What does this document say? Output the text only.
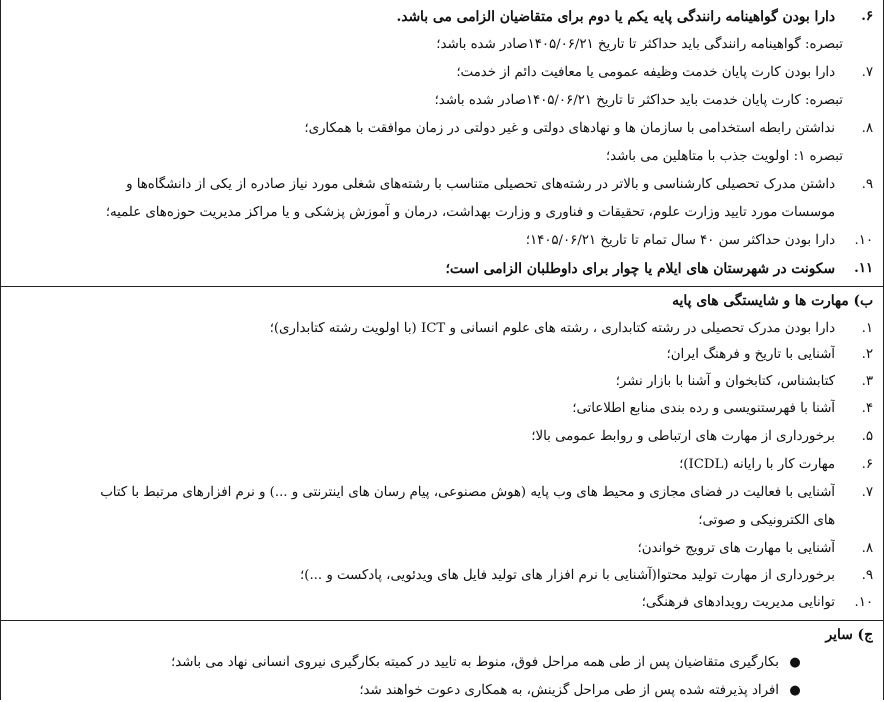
۶.
دارا بودن گواهینامه رانندگی پایه یکم یا دوم برای متقاضیان الزامی می باشد.
تبصره: گواهینامه رانندگی باید حداکثر تا تاریخ ۱۴۰۵/۰۶/۲۱صادر شده باشد؛
۷.
دارا بودن کارت پایان خدمت وظیفه عمومی یا معافیت دائم از خدمت؛
تبصره: کارت پایان خدمت باید حداکثر تا تاریخ ۱۴۰۵/۰۶/۲۱صادر شده باشد؛
۸.
نداشتن رابطه استخدامی با سازمان ها و نهادهای دولتی و غیر دولتی در زمان موافقت با همکاری؛
تبصره ۱: اولویت جذب با متاهلین می باشد؛
۹.
داشتن مدرک تحصیلی کارشناسی و بالاتر در رشته‌های تحصیلی متناسب با رشته‌های شغلی مورد نیاز صادره از یکی از دانشگاه‌ها و
موسسات مورد تایید وزارت علوم، تحقیقات و فناوری و وزارت بهداشت، درمان و آموزش پزشکی و یا مراکز مدیریت حوزه‌های علمیه؛
۱۰.
دارا بودن حداکثر سن ۴۰ سال تمام تا تاریخ ۱۴۰۵/۰۶/۲۱؛
۱۱.
سکونت در شهرستان های ایلام یا چوار برای داوطلبان الزامی است؛
ب) مهارت ها و شایستگی های پایه
۱.
دارا بودن مدرک تحصیلی در رشته کتابداری ، رشته های علوم انسانی و ICT (با اولویت رشته کتابداری)؛
۲.
آشنایی با تاریخ و فرهنگ ایران؛
۳.
کتابشناس، کتابخوان و آشنا با بازار نشر؛
۴.
آشنا با فهرستنویسی و رده بندی منابع اطلاعاتی؛
۵.
برخورداری از مهارت های ارتباطی و روابط عمومی بالا؛
۶.
مهارت کار با رایانه (ICDL)؛
۷.
آشنایی با فعالیت در فضای مجازی و محیط های وب پایه (هوش مصنوعی، پیام رسان های اینترنتی و ...) و نرم افزارهای مرتبط با کتاب
های الکترونیکی و صوتی؛
۸.
آشنایی با مهارت های ترویج خواندن؛
۹.
برخورداری از مهارت تولید محتوا(آشنایی با نرم افزار های تولید فایل های ویدئویی، پادکست و ...)؛
۱۰.
توانایی مدیریت رویدادهای فرهنگی؛
ج) سایر
●
بکارگیری متقاضیان پس از طی همه مراحل فوق، منوط به تایید در کمیته بکارگیری نیروی انسانی نهاد می باشد؛
●
افراد پذیرفته شده پس از طی مراحل گزینش، به همکاری دعوت خواهند شد؛
